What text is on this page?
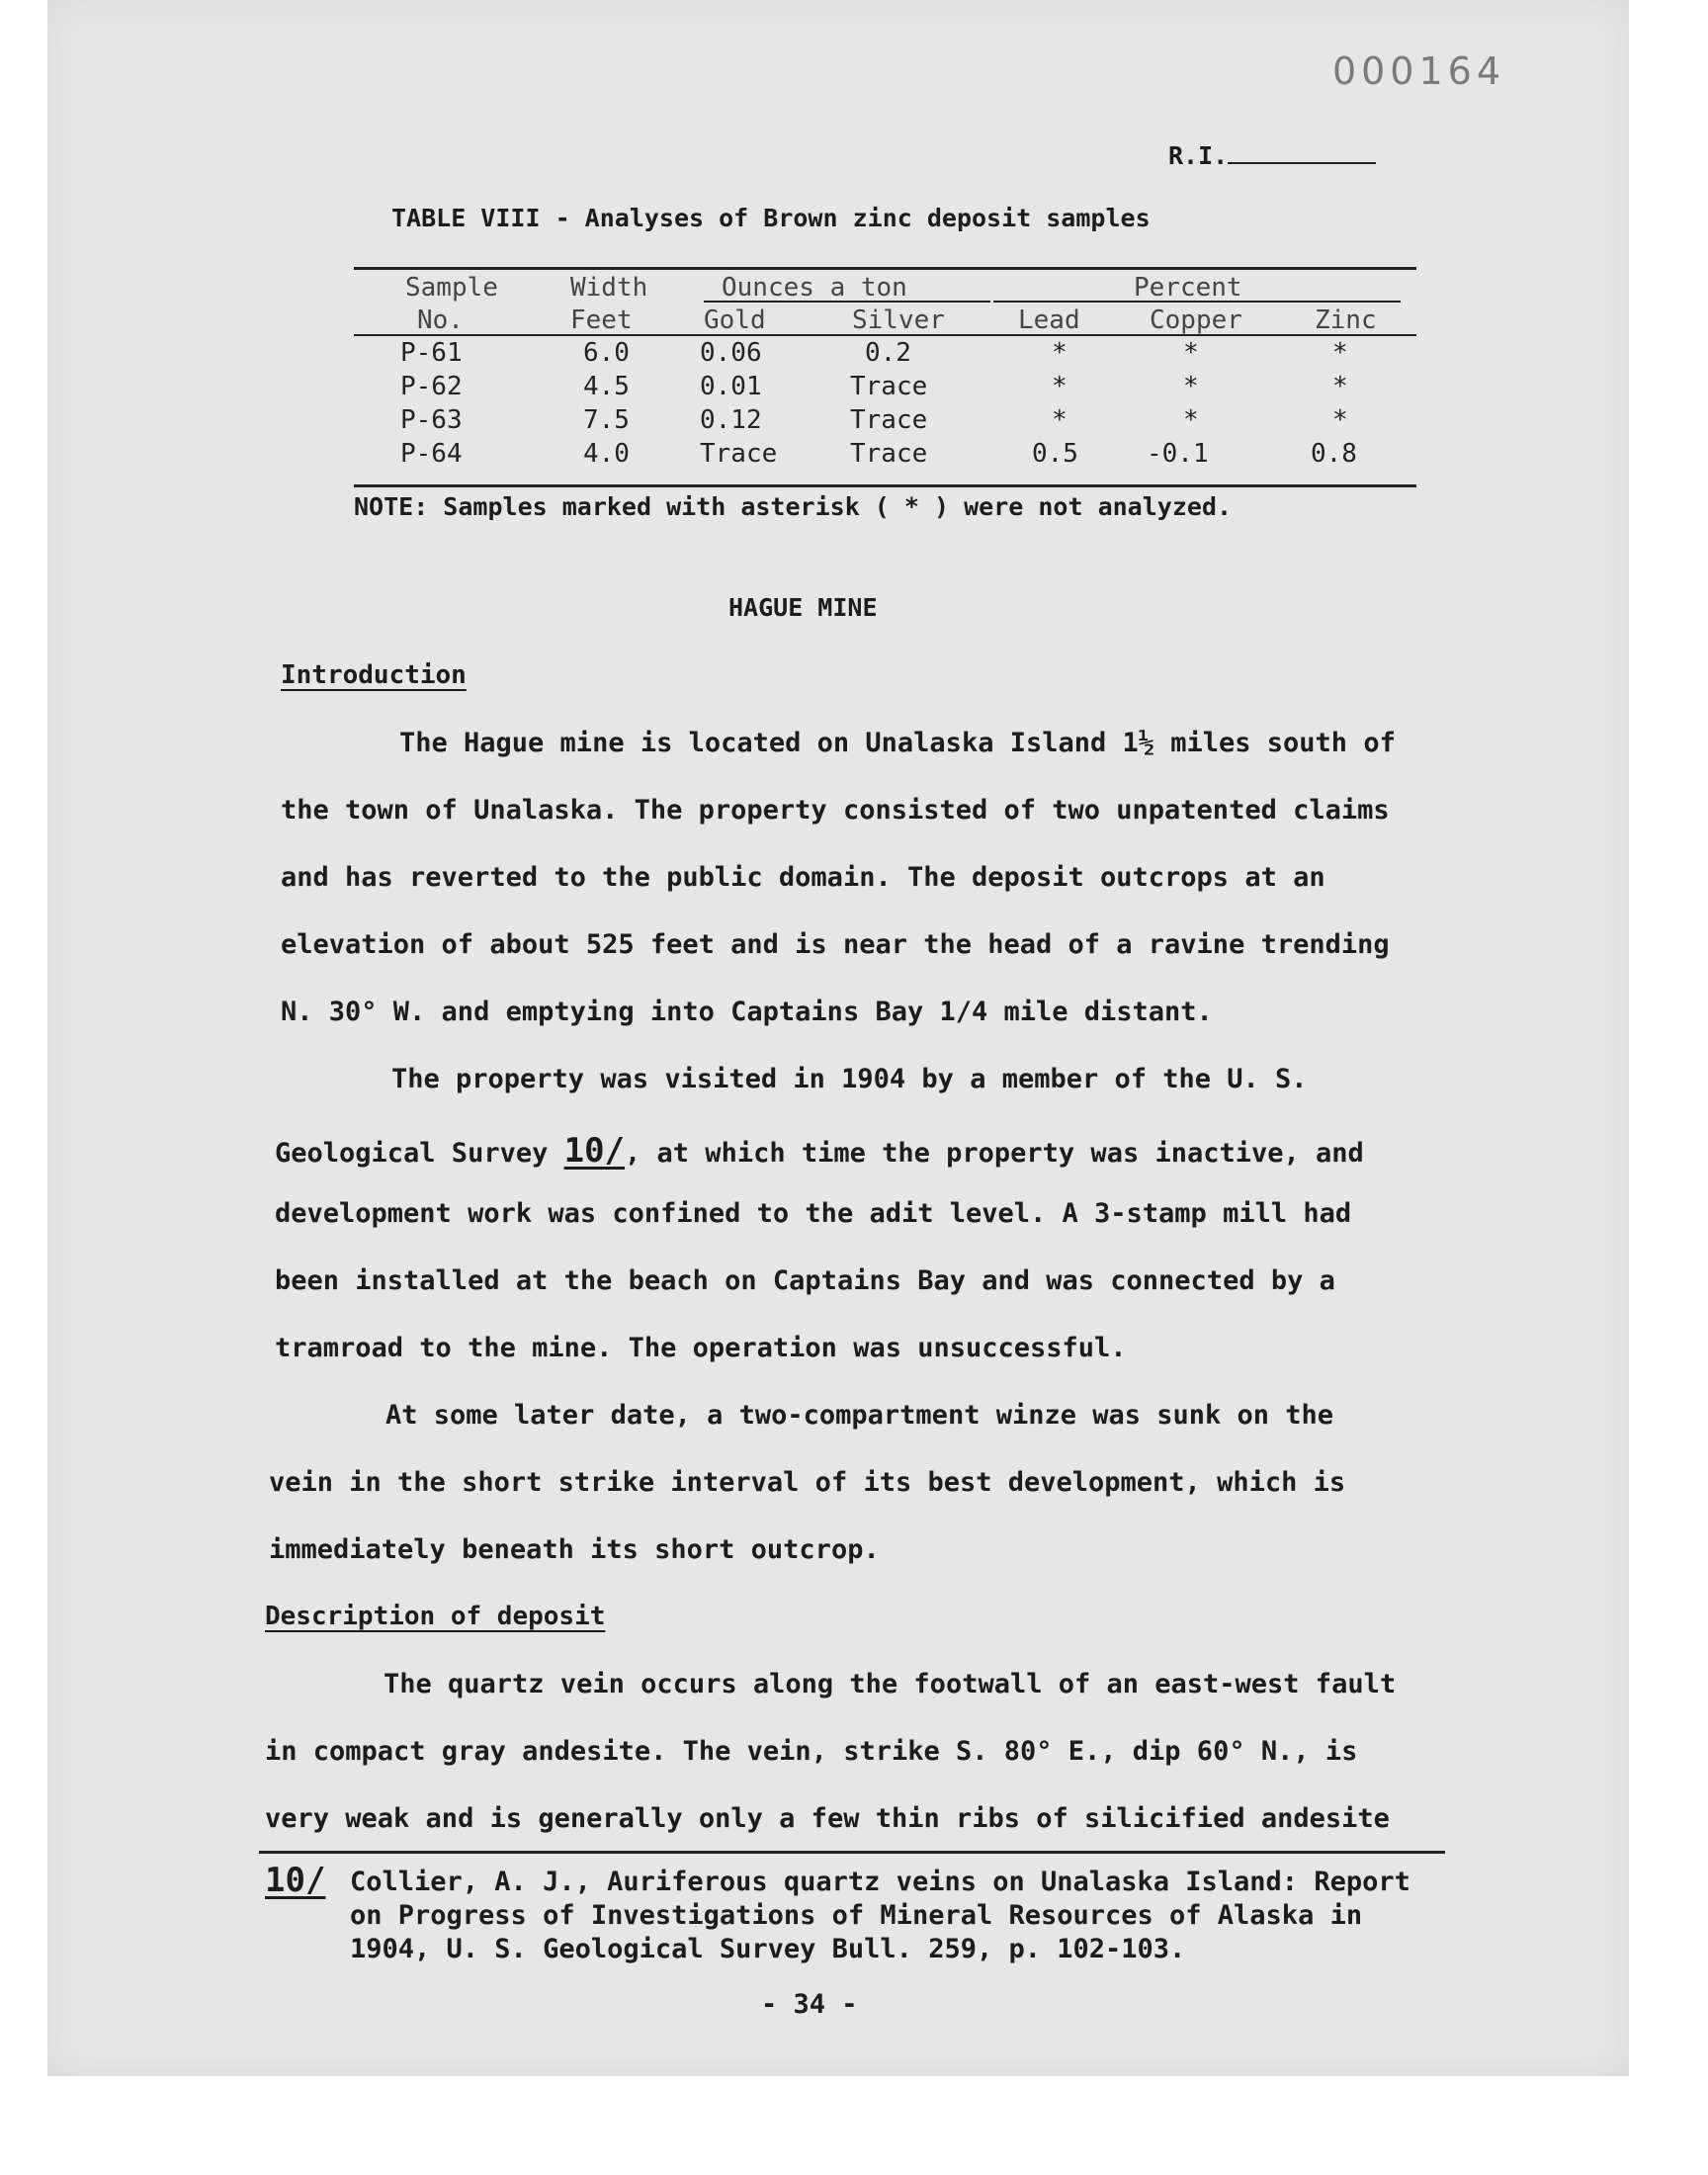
000164
R.I.
TABLE VIII - Analyses of Brown zinc deposit samples
Sample	Width	Ounces a ton	Percent
No.	Feet	Gold	Silver	Lead	Copper	Zinc
P-61	6.0	0.06	0.2	*	*	*
P-62	4.5	0.01	Trace	*	*	*
P-63	7.5	0.12	Trace	*	*	*
P-64	4.0	Trace	Trace	0.5	-0.1	0.8
NOTE: Samples marked with asterisk ( * ) were not analyzed.
HAGUE MINE
Introduction
The Hague mine is located on Unalaska Island 1½ miles south of
the town of Unalaska. The property consisted of two unpatented claims
and has reverted to the public domain. The deposit outcrops at an
elevation of about 525 feet and is near the head of a ravine trending
N. 30° W. and emptying into Captains Bay 1/4 mile distant.
The property was visited in 1904 by a member of the U. S.
Geological Survey 10/, at which time the property was inactive, and
development work was confined to the adit level. A 3-stamp mill had
been installed at the beach on Captains Bay and was connected by a
tramroad to the mine. The operation was unsuccessful.
At some later date, a two-compartment winze was sunk on the
vein in the short strike interval of its best development, which is
immediately beneath its short outcrop.
Description of deposit
The quartz vein occurs along the footwall of an east-west fault
in compact gray andesite. The vein, strike S. 80° E., dip 60° N., is
very weak and is generally only a few thin ribs of silicified andesite
10/ Collier, A. J., Auriferous quartz veins on Unalaska Island: Report
on Progress of Investigations of Mineral Resources of Alaska in
1904, U. S. Geological Survey Bull. 259, p. 102-103.
- 34 -
